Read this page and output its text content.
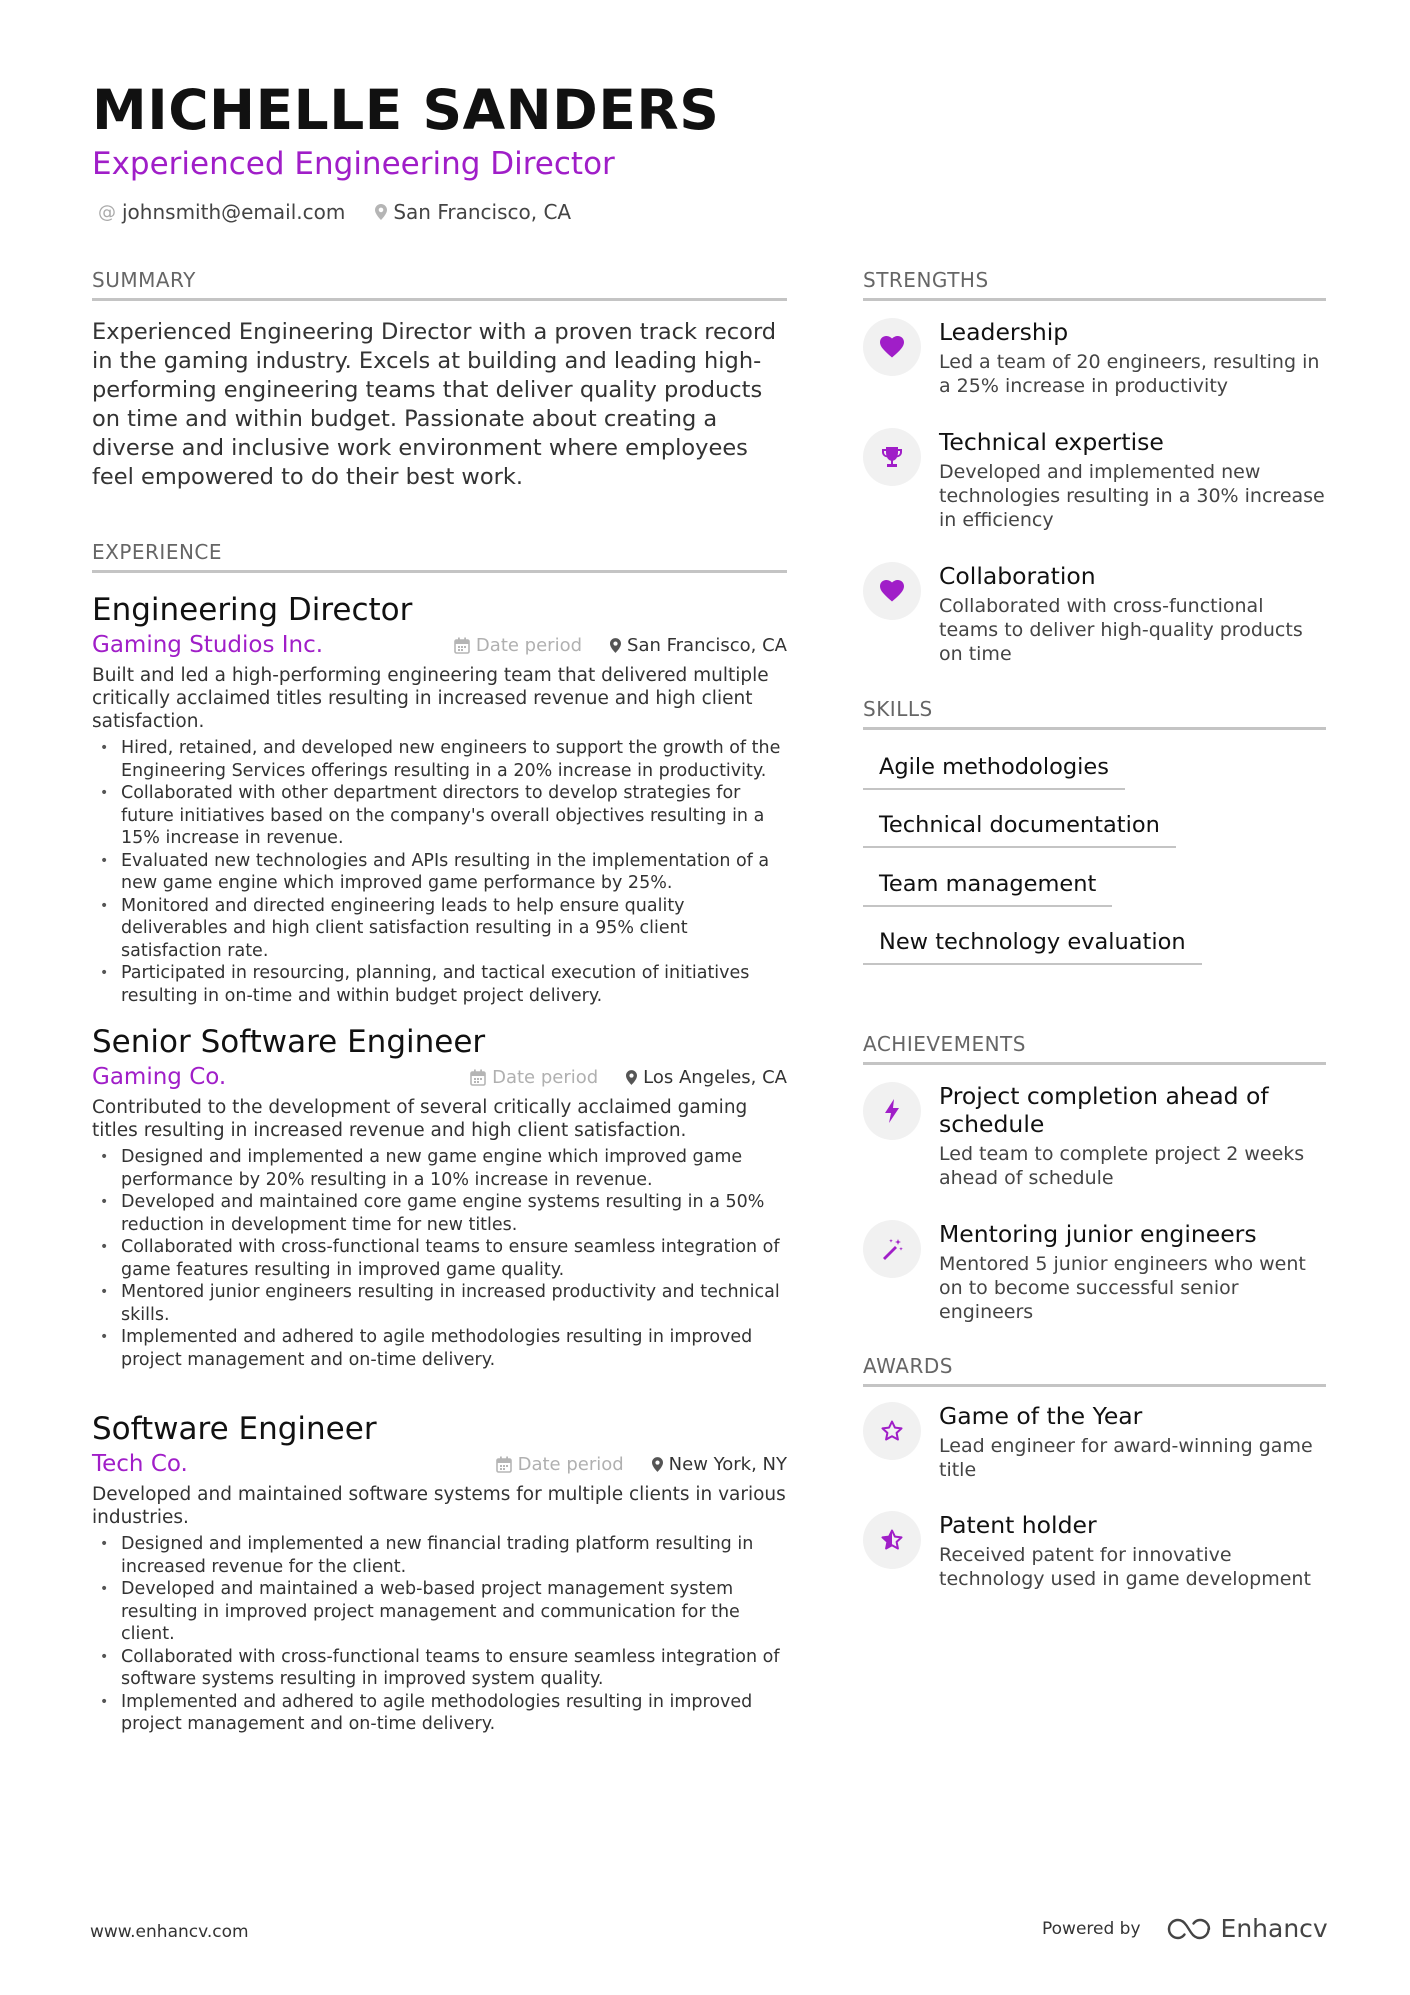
MICHELLE SANDERS
Experienced Engineering Director
@ johnsmith@email.com San Francisco, CA
SUMMARY
Experienced Engineering Director with a proven track record in the gaming industry. Excels at building and leading high-performing engineering teams that deliver quality products on time and within budget. Passionate about creating a diverse and inclusive work environment where employees feel empowered to do their best work.
EXPERIENCE
Engineering Director
Gaming Studios Inc.	Date period	San Francisco, CA
Built and led a high-performing engineering team that delivered multiple critically acclaimed titles resulting in increased revenue and high client satisfaction.
• Hired, retained, and developed new engineers to support the growth of the Engineering Services offerings resulting in a 20% increase in productivity.
• Collaborated with other department directors to develop strategies for future initiatives based on the company's overall objectives resulting in a 15% increase in revenue.
• Evaluated new technologies and APIs resulting in the implementation of a new game engine which improved game performance by 25%.
• Monitored and directed engineering leads to help ensure quality deliverables and high client satisfaction resulting in a 95% client satisfaction rate.
• Participated in resourcing, planning, and tactical execution of initiatives resulting in on-time and within budget project delivery.
Senior Software Engineer
Gaming Co.	Date period	Los Angeles, CA
Contributed to the development of several critically acclaimed gaming titles resulting in increased revenue and high client satisfaction.
• Designed and implemented a new game engine which improved game performance by 20% resulting in a 10% increase in revenue.
• Developed and maintained core game engine systems resulting in a 50% reduction in development time for new titles.
• Collaborated with cross-functional teams to ensure seamless integration of game features resulting in improved game quality.
• Mentored junior engineers resulting in increased productivity and technical skills.
• Implemented and adhered to agile methodologies resulting in improved project management and on-time delivery.
Software Engineer
Tech Co.	Date period	New York, NY
Developed and maintained software systems for multiple clients in various industries.
• Designed and implemented a new financial trading platform resulting in increased revenue for the client.
• Developed and maintained a web-based project management system resulting in improved project management and communication for the client.
• Collaborated with cross-functional teams to ensure seamless integration of software systems resulting in improved system quality.
• Implemented and adhered to agile methodologies resulting in improved project management and on-time delivery.
STRENGTHS
Leadership
Led a team of 20 engineers, resulting in a 25% increase in productivity
Technical expertise
Developed and implemented new technologies resulting in a 30% increase in efficiency
Collaboration
Collaborated with cross-functional teams to deliver high-quality products on time
SKILLS
Agile methodologies
Technical documentation
Team management
New technology evaluation
ACHIEVEMENTS
Project completion ahead of schedule
Led team to complete project 2 weeks ahead of schedule
Mentoring junior engineers
Mentored 5 junior engineers who went on to become successful senior engineers
AWARDS
Game of the Year
Lead engineer for award-winning game title
Patent holder
Received patent for innovative technology used in game development
www.enhancv.com	Powered by	Enhancv
